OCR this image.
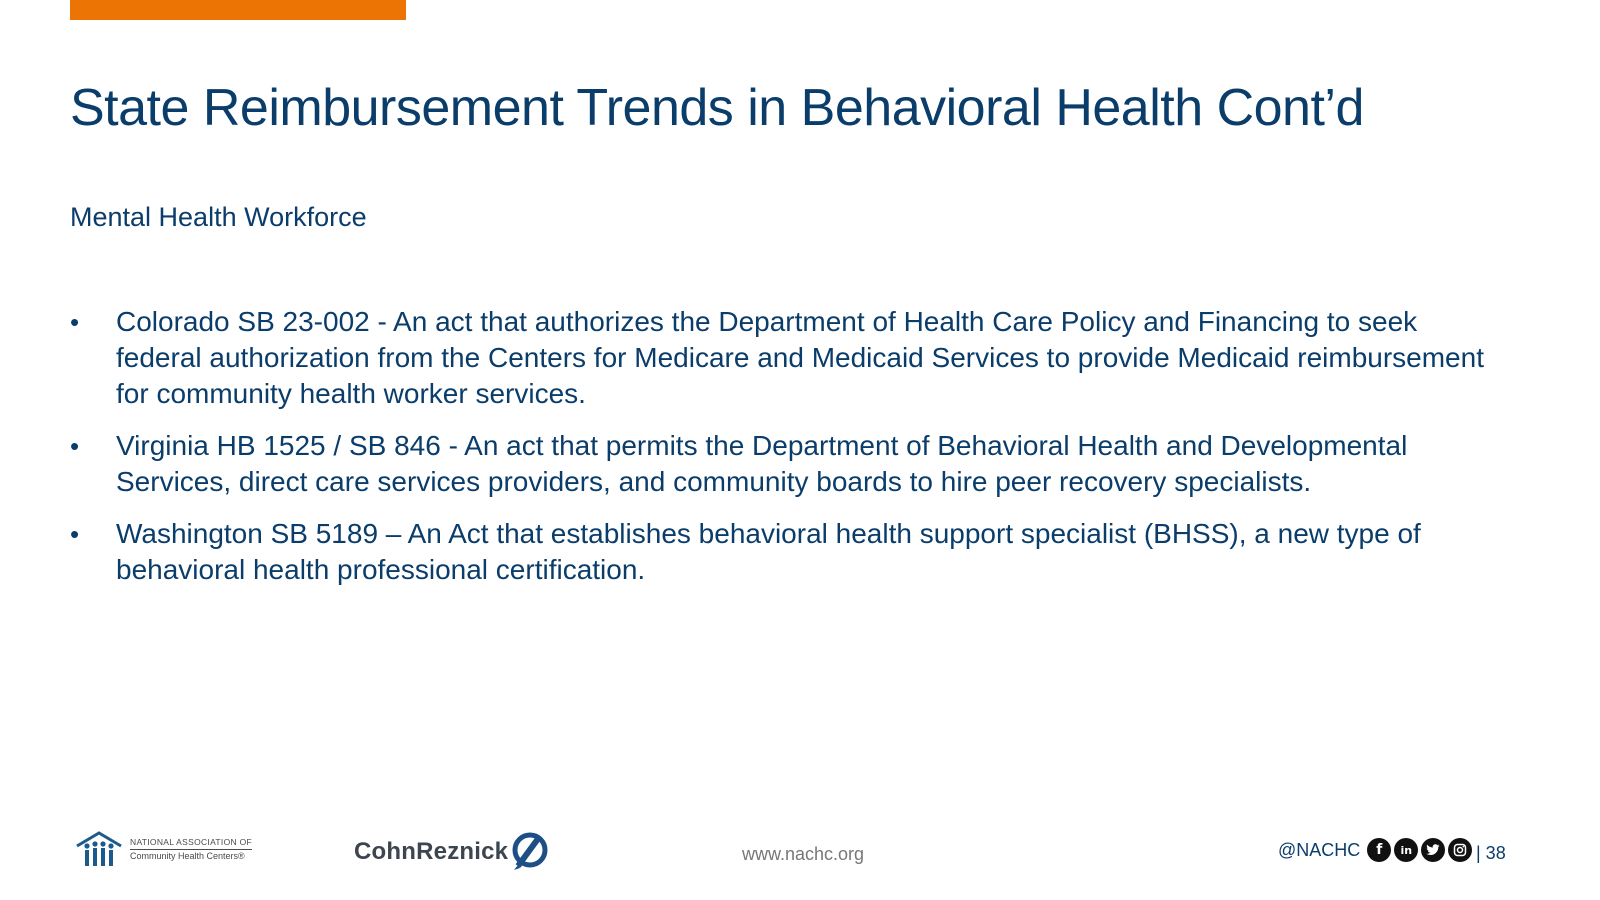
State Reimbursement Trends in Behavioral Health Cont’d
Mental Health Workforce
• Colorado SB 23-002 - An act that authorizes the Department of Health Care Policy and Financing to seek federal authorization from the Centers for Medicare and Medicaid Services to provide Medicaid reimbursement for community health worker services.
• Virginia HB 1525 / SB 846 - An act that permits the Department of Behavioral Health and Developmental Services, direct care services providers, and community boards to hire peer recovery specialists.
• Washington SB 5189 – An Act that establishes behavioral health support specialist (BHSS), a new type of behavioral health professional certification.
NATIONAL ASSOCIATION OF
Community Health Centers®	CohnReznick	www.nachc.org	@NACHC	f	in	| 38
